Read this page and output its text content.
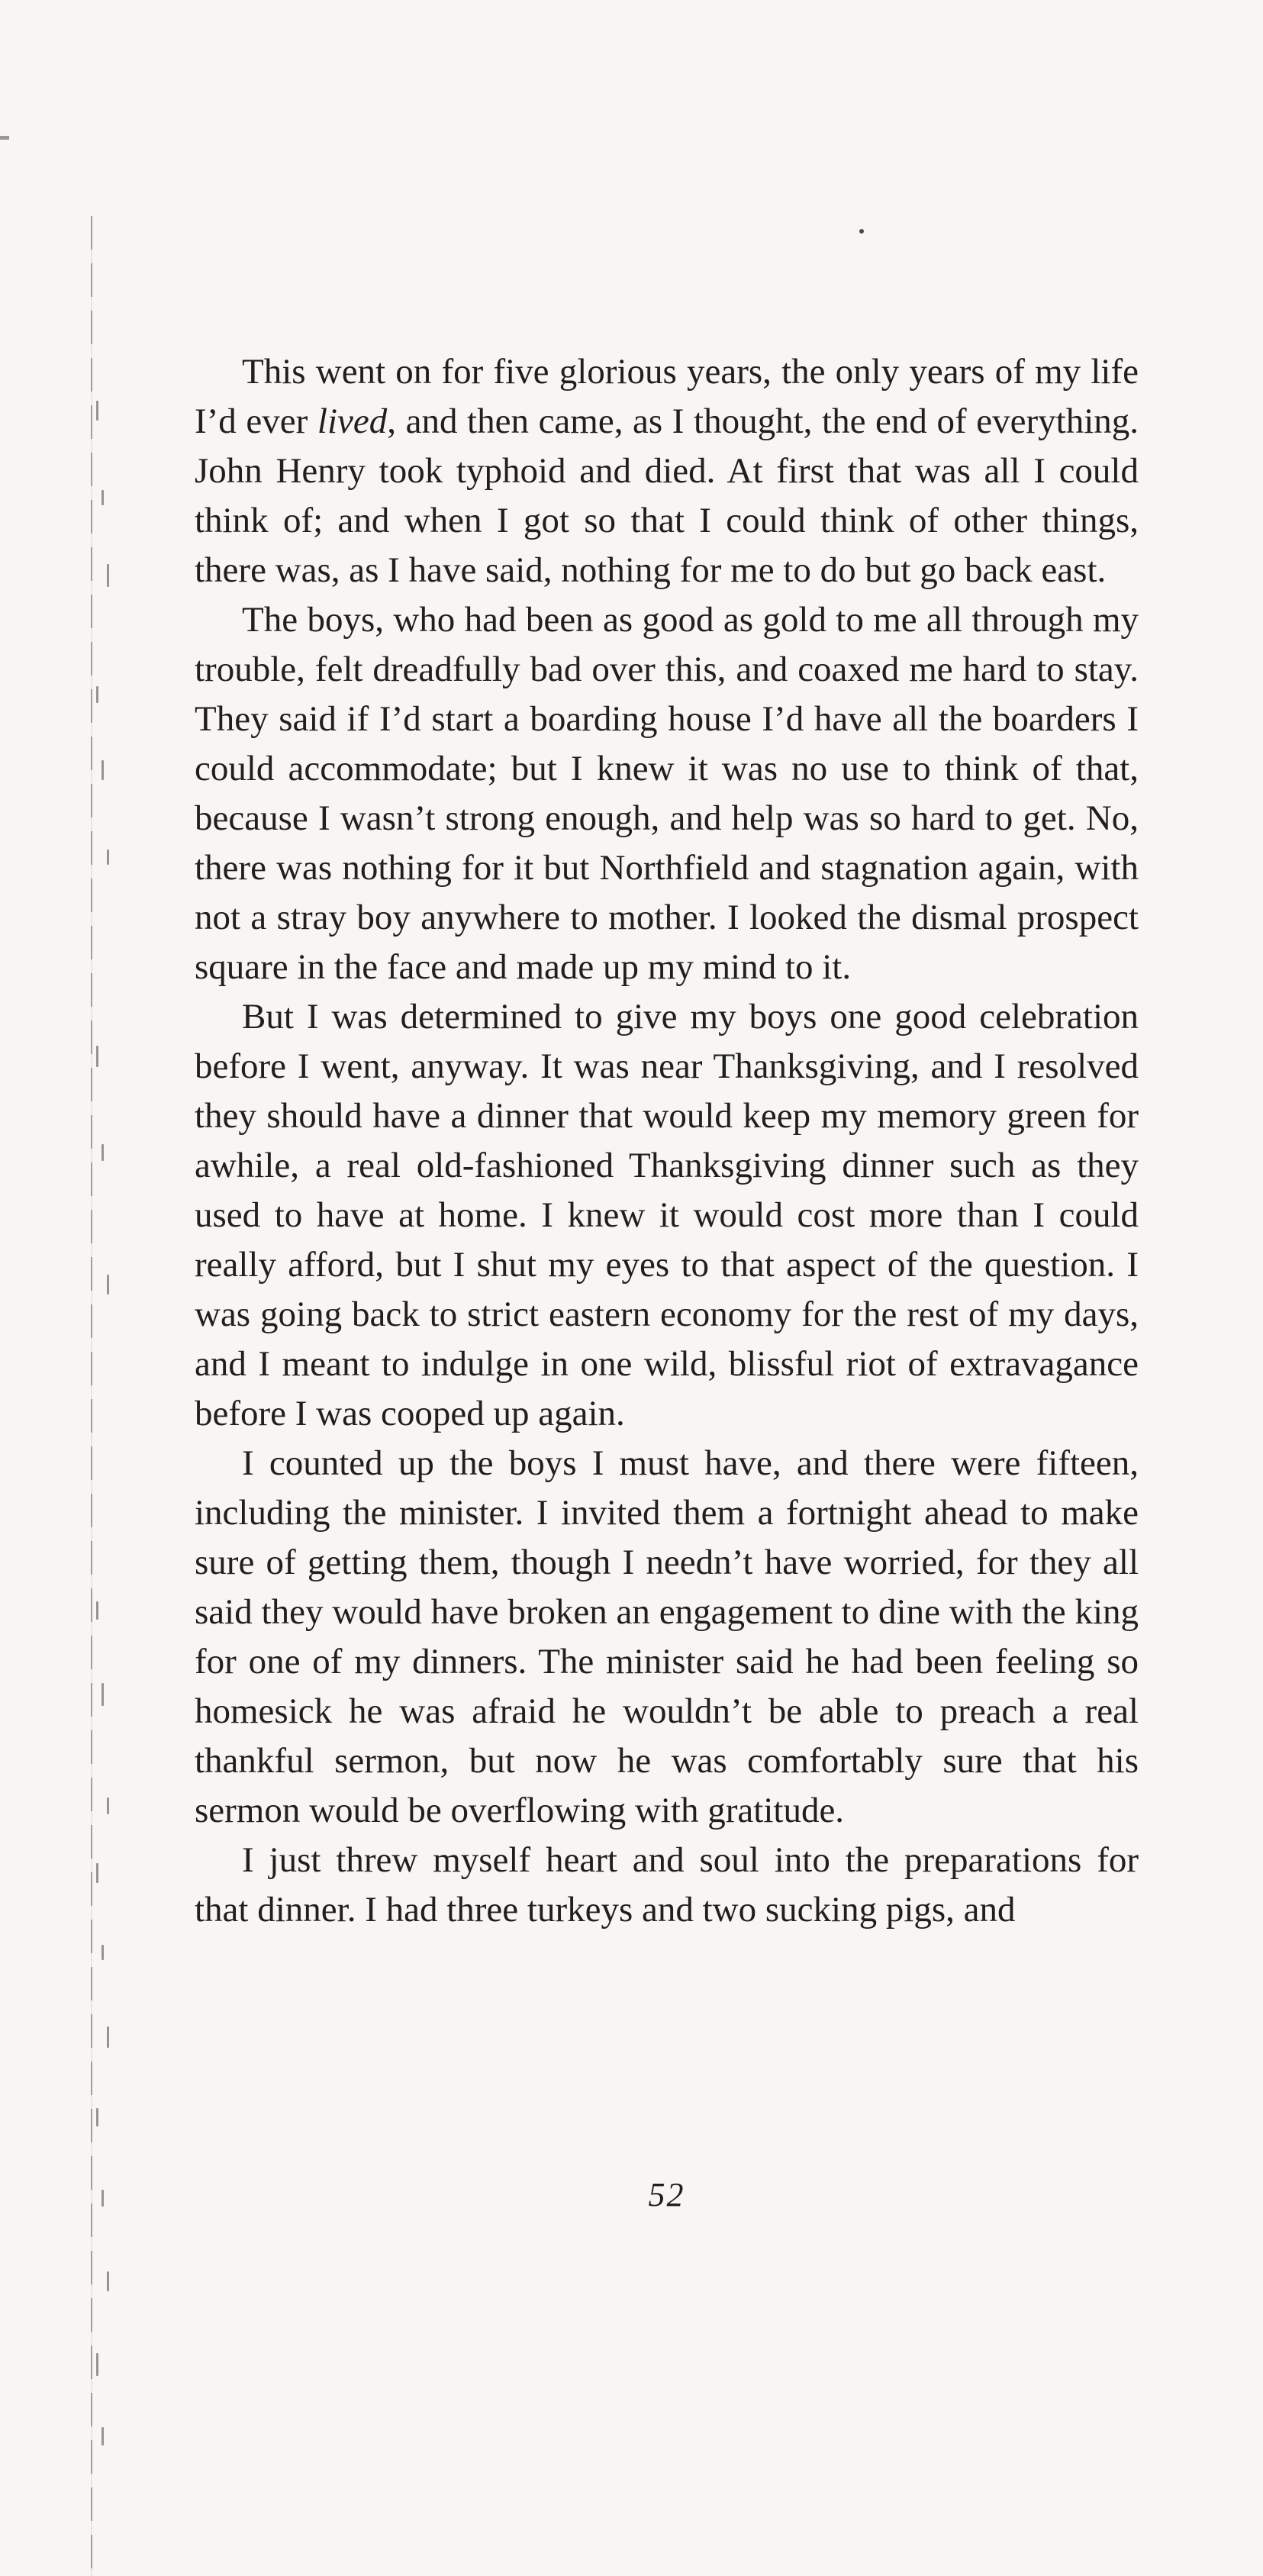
This went on for five glorious years, the only years of my life I’d ever lived, and then came, as I thought, the end of everything. John Henry took typhoid and died. At first that was all I could think of; and when I got so that I could think of other things, there was, as I have said, nothing for me to do but go back east.

The boys, who had been as good as gold to me all through my trouble, felt dreadfully bad over this, and coaxed me hard to stay. They said if I’d start a boarding house I’d have all the boarders I could accommodate; but I knew it was no use to think of that, because I wasn’t strong enough, and help was so hard to get. No, there was nothing for it but Northfield and stagnation again, with not a stray boy anywhere to mother. I looked the dismal prospect square in the face and made up my mind to it.

But I was determined to give my boys one good celebration before I went, anyway. It was near Thanksgiving, and I resolved they should have a dinner that would keep my memory green for awhile, a real old-fashioned Thanksgiving dinner such as they used to have at home. I knew it would cost more than I could really afford, but I shut my eyes to that aspect of the question. I was going back to strict eastern economy for the rest of my days, and I meant to indulge in one wild, blissful riot of extravagance before I was cooped up again.

I counted up the boys I must have, and there were fifteen, including the minister. I invited them a fortnight ahead to make sure of getting them, though I needn’t have worried, for they all said they would have broken an engagement to dine with the king for one of my dinners. The minister said he had been feeling so homesick he was afraid he wouldn’t be able to preach a real thankful sermon, but now he was comfortably sure that his sermon would be overflowing with gratitude.

I just threw myself heart and soul into the preparations for that dinner. I had three turkeys and two sucking pigs, and

52
